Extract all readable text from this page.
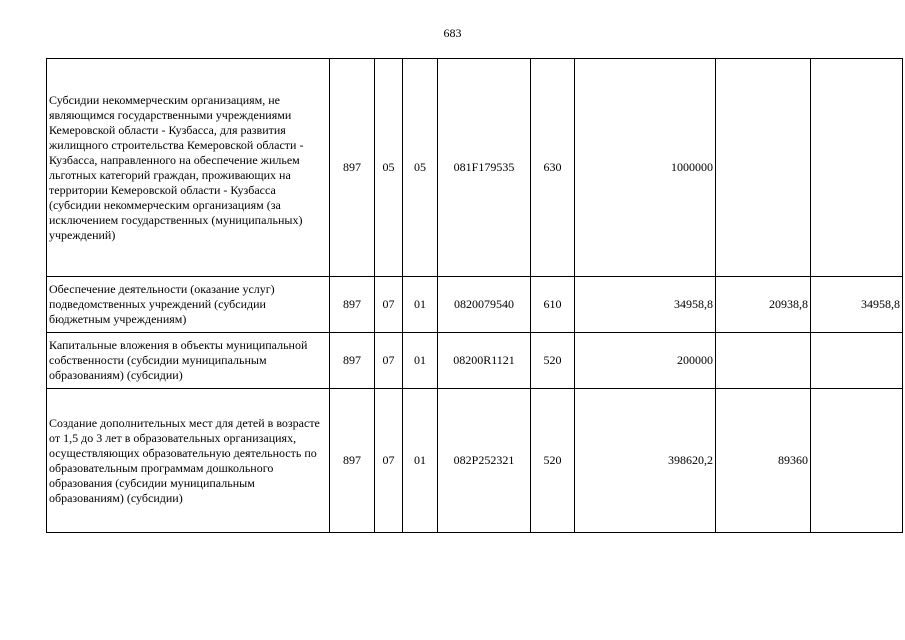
683
Субсидии некоммерческим организациям, не являющимся государственными учреждениями Кемеровской области - Кузбасса, для развития жилищного строительства Кемеровской области - Кузбасса, направленного на обеспечение жильем льготных категорий граждан, проживающих на территории Кемеровской области - Кузбасса (субсидии некоммерческим организациям (за исключением государственных (муниципальных) учреждений)	897	05	05	081F179535	630	1000000		
Обеспечение деятельности (оказание услуг) подведомственных учреждений (субсидии бюджетным учреждениям)	897	07	01	0820079540	610	34958,8	20938,8	34958,8
Капитальные вложения в объекты муниципальной собственности (субсидии муниципальным образованиям) (субсидии)	897	07	01	08200R1121	520	200000		
Создание дополнительных мест для детей в возрасте от 1,5 до 3 лет в образовательных организациях, осуществляющих образовательную деятельность по образовательным программам дошкольного образования (субсидии муниципальным образованиям) (субсидии)	897	07	01	082P252321	520	398620,2	89360	
